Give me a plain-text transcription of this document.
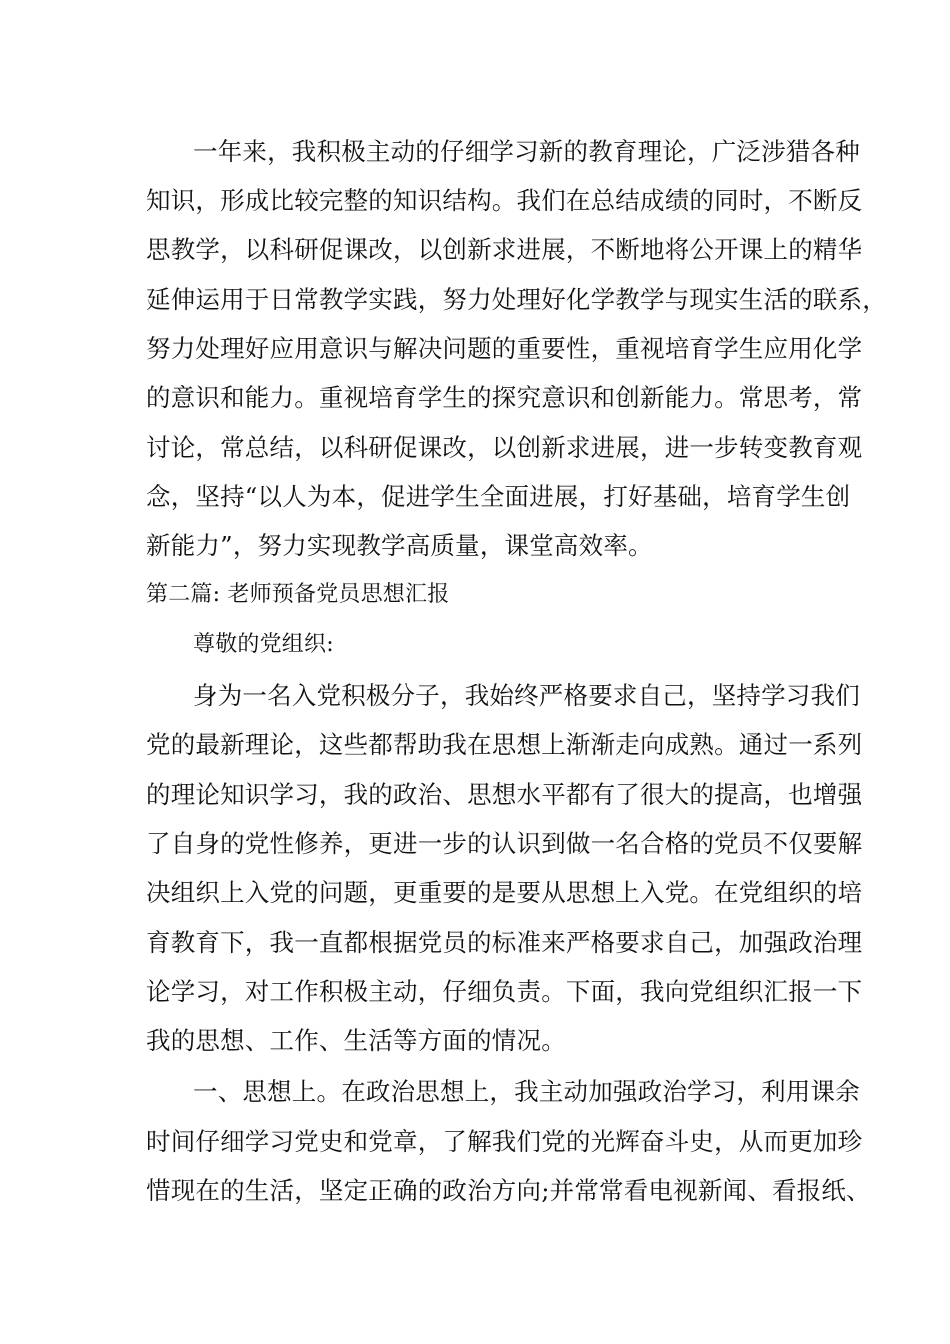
一年来，我积极主动的仔细学习新的教育理论，广泛涉猎各种
知识，形成比较完整的知识结构。我们在总结成绩的同时，不断反
思教学，以科研促课改，以创新求进展，不断地将公开课上的精华
延伸运用于日常教学实践，努力处理好化学教学与现实生活的联系，
努力处理好应用意识与解决问题的重要性，重视培育学生应用化学
的意识和能力。重视培育学生的探究意识和创新能力。常思考，常
讨论，常总结，以科研促课改，以创新求进展，进一步转变教育观
念，坚持“以人为本，促进学生全面进展，打好基础，培育学生创
新能力”，努力实现教学高质量，课堂高效率。
第二篇: 老师预备党员思想汇报
尊敬的党组织:
身为一名入党积极分子，我始终严格要求自己，坚持学习我们
党的最新理论，这些都帮助我在思想上渐渐走向成熟。通过一系列
的理论知识学习，我的政治、思想水平都有了很大的提高，也增强
了自身的党性修养，更进一步的认识到做一名合格的党员不仅要解
决组织上入党的问题，更重要的是要从思想上入党。在党组织的培
育教育下，我一直都根据党员的标准来严格要求自己，加强政治理
论学习，对工作积极主动，仔细负责。下面，我向党组织汇报一下
我的思想、工作、生活等方面的情况。
一、思想上。在政治思想上，我主动加强政治学习，利用课余
时间仔细学习党史和党章，了解我们党的光辉奋斗史，从而更加珍
惜现在的生活，坚定正确的政治方向;并常常看电视新闻、看报纸、
